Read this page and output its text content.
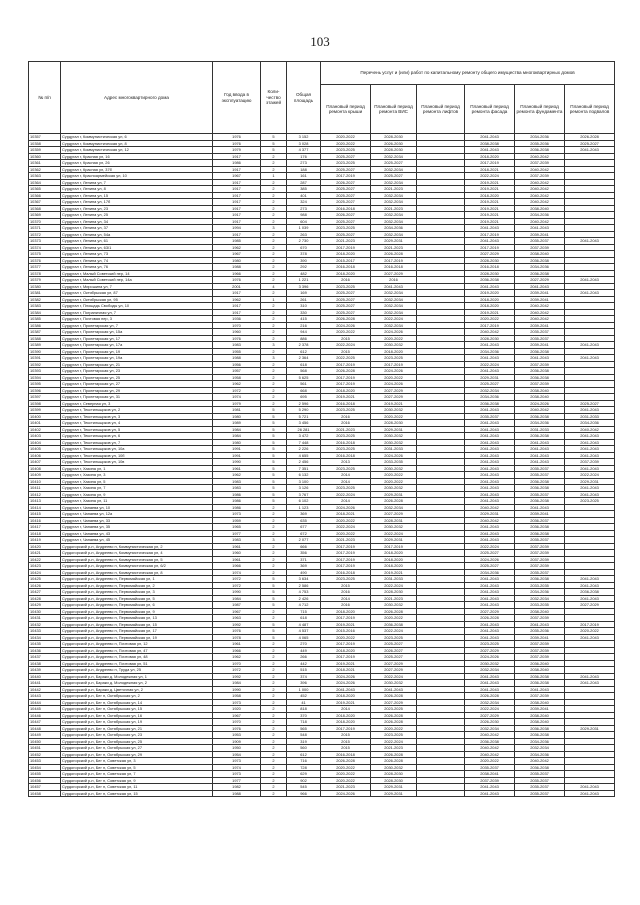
103
№ п/п	Адрес многоквартирного дома	Год ввода в эксплуатацию	Коли-чество этажей	Общая площадь	Перечень услуг и (или) работ по капитальному ремонту общего имущества многоквартирных домов					
					Плановый период ремонта крыши	Плановый период ремонта ВИС	Плановый период ремонта лифтов	Плановый период ремонта фасада	Плановый период ремонта фундамента	Плановый период ремонта подвалов
10357	Сурдугал г, Коммунистическая ул, 6	1976	5	3 152	2020-2022	2028-2030		2041-2043	2034-2036	2026-2028
10358	Сурдугал г, Коммунистическая ул, 8	1976	5	3 028	2020-2022	2026-2030		2038-2038	2035-2036	2025-2027
10359	Сурдугал г, Коммунистическая ул, 12	1979	5	4 377	2023-2025	2028-2030		2041-2043	2036-2038	2041-2043
10360	Сурдугал г, Красная ул, 16	1917	2	176	2025-2027	2032-2034		2018-2020	2040-2042	
10361	Сурдугал г, Красная ул, 26	1986	2	273	2023-2025	2025-2027		2017-2019	2037-2039	
10362	Сурдугал г, Красная ул, 37б	1917	2	188	2025-2027	2032-2034		2018-2021	2040-2042	
10363	Сурдугал г, Красноармейская ул, 10	1967	1	161	2017-2019	2025-2027		2022-2024	2037-2039	
10364	Сурдугал г, Ленина ул, 7	1917	2	287	2026-2027	2032-2034		2019-2021	2040-2042	
10365	Сурдугал г, Ленина ул, 8	1917	2	385	2025-2027	2021-2023		2019-2021	2040-2042	
10366	Сурдугал г, Ленина ул, 15	1917	2	401	2025-2027	2032-2034		2018-2020	2040-2042	
10367	Сурдугал г, Ленина ул, 17б	1917	2	324	2025-2027	2032-2034		2019-2021	2040-2042	
10368	Сурдугал г, Ленина ул, 23	1917	2	273	2016-2018	2021-2023		2019-2021	2038-2040	
10369	Сурдугал г, Ленина ул, 25	1917	2	988	2026-2027	2032-2034		2019-2021	2034-2036	
10370	Сурдугал г, Ленина ул, 34	1917	2	604	2025-2027	2032-2034		2019-2021	2040-2042	
10371	Сурдугал г, Ленина ул, 37	1994	3	1 039	2023-2025	2034-2036		2041-2043	2041-2043	
10372	Сурдугал г, Ленина ул, 54а	1917	2	263	2025-2027	2032-2034		2017-2019	2039-2041	
10373	Сурдугал г, Ленина ул, 61	1985	2	2 730	2021-2023	2029-2031		2041-2043	2035-2037	2041-2043
10374	Сурдугал г, Ленина ул, 63/1	1962	2	670	2017-2019	2021-2023		2017-2019	2037-2039	
10375	Сурдугал г, Ленина ул, 73	1967	2	378	2018-2020	2026-2028		2027-2029	2038-2040	
10376	Сурдугал г, Ленина ул, 74	1980	2	390	2015-2017	2017-2019		2028-2030	2036-2038	
10377	Сурдугал г, Ленина ул, 76	1988	2	292	2016-2018	2016-2018		2016-2018	2034-2036	
10378	Сурдугал г, Малый Советский пер, 14	1966	2	482	2018-2020	2027-2029		2028-2030	2036-2038	
10379	Сурдугал г, Малый Советский пер, 14а	1976	2	1 221	2016	2016		2036-2038	2027-2029	2041-2043
10380	Сурдугал г, Мирошина ул, 7	2001	4	3 396	2023-2025	2041-2043		2041-2043	2041-2043	
10381	Сурдугал г, Октябрьская ул, 87	1917	2	169	2025-2027	2032-2034		2019-2020	2039-2041	2041-2043
10382	Сурдугал г, Октябрьская ул, 95	1962	1	261	2025-2027	2032-2034		2018-2020	2039-2041	
10383	Сурдугал г, Площадь Свободы ул, 10	1917	2	310	2025-2027	2032-2034		2018-2020	2040-2042	
10384	Сурдугал г, Пограничная ул, 7	1917	2	330	2025-2027	2032-2034		2019-2021	2040-2042	
10385	Сурдугал г, Почтовая пер, 3	1936	2	415	2026-2028	2022-2024		2020-2022	2040-2042	
10386	Сурдугал г, Пролетарская ул, 7	1970	2	216	2024-2026	2032-2034		2017-2019	2039-2041	
10387	Сурдугал г, Пролетарская ул, 15а	1960	2	944	2020-2022	2024-2026		2040-2042	2035-2037	
10388	Сурдугал г, Пролетарская ул, 17	1976	2	886	2015	2020-2022		2028-2030	2035-2037	
10389	Сурдугал г, Пролетарская ул, 17а	1983	3	2 378	2022-2024	2030-2032		2041-2043	2039-2041	2041-2043
10390	Сурдугал г, Пролетарская ул, 19	1955	2	612	2015	2018-2020		2034-2036	2036-2038	
10391	Сурдугал г, Пролетарская ул, 19а	1988	3	2 364	2022-2025	2023-2025		2041-2043	2041-2043	2041-2043
10392	Сурдугал г, Пролетарская ул, 21	1956	2	618	2017-2019	2017-2019		2022-2024	2037-2039	
10393	Сурдугал г, Пролетарская ул, 23	1957	2	568	2026-2028	2024-2026		2041-2043	2036-2038	
10394	Сурдугал г, Пролетарская ул, 25	1958	2	5 625	2017-2019	2020-2022		2029-2031	2036-2038	
10395	Сурдугал г, Пролетарская ул, 27	1962	2	561	2017-2019	2024-2026		2025-2027	2037-2039	
10396	Сурдугал г, Пролетарская ул, 29	1972	2	668	2018-2020	2027-2029		2032-2034	2038-2040	
10397	Сурдугал г, Пролетарская ул, 31	1974	2	695	2019-2021	2027-2029		2034-2036	2038-2040	
10398	Сурдугал г, Северная ул, 3	1979	2	2 596	2016-2018	2019-2021		2036-2038	2024-2026	2025-2027
10399	Сурдугал г, Текстильщиков ул, 2	1981	5	5 290	2023-2025	2030-2032		2041-2043	2040-2042	2041-2043
10400	Сурдугал г, Текстильщиков ул, 3	1980	5	5 721	2016	2020-2022		2035-2037	2036-2038	2031-2033
10401	Сурдугал г, Текстильщиков ул, 4	1989	5	3 456	2016	2028-2030		2041-2043	2034-2036	2034-2036
10402	Сурдугал г, Текстильщиков ул, 5	1984	5	26 281	2021-2023	2029-2031		2041-2043	2031-2033	2040-2042
10403	Сурдугал г, Текстильщиков ул, 6	1984	5	3 472	2023-2025	2030-2032		2041-2043	2036-2038	2041-2043
10404	Сурдугал г, Текстильщиков ул, 7	1980	5	7 448	2016-2018	2030-2032		2041-2043	2041-2043	2041-2043
10405	Сурдугал г, Текстильщиков ул, 10а	1991	5	2 226	2023-2025	2031-2033		2041-2043	2041-2043	2041-2043
10406	Сурдугал г, Текстильщиков ул, 10б	1991	5	4 655	2016-2018	2024-2026		2041-2043	2041-2043	2041-2043
10407	Сурдугал г, Текстильщиков ул, 10в	1990	5	2 456	2013	2033-2035		2041-2043	2041-2043	2037-2039
10408	Сурдугал г, Хазина ул, 1	1961	5	7 351	2023-2025	2030-2032		2041-2043	2035-2037	2041-2043
10409	Сурдугал г, Хазина ул, 3	1962	5	6 132	2014	2020-2022		2041-2043	2035-2037	2022-2024
10410	Сурдугал г, Хазина ул, 5	1983	5	3 100	2014	2020-2022		2041-2043	2036-2038	2029-2031
10411	Сурдугал г, Хазина ул, 7	1983	5	3 126	2023-2025	2030-2032		2041-2043	2036-2038	2041-2043
10412	Сурдугал г, Хазина ул, 9	1986	5	3 767	2022-2024	2029-2031		2041-2043	2035-2037	2041-2043
10413	Сурдугал г, Хазина ул, 11	1986	5	6 102	2014	2026-2028		2041-2043	2036-2038	2023-2025
10414	Сурдугал г, Чапаева ул, 10	1986	2	1 123	2024-2026	2032-2034		2040-2042	2041-2043	
10415	Сурдугал г, Чапаева ул, 12а	1973	2	369	2018-2021	2027-2029		2029-2031	2039-2041	
10416	Сурдугал г, Чапаева ул, 33	1959	2	635	2020-2022	2028-2031		2040-2042	2036-2037	
10417	Сурдугал г, Чапаева ул, 35	1965	2	677	2022-2024	2030-2032		2041-2043	2036-2038	
10418	Сурдугал г, Чапаева ул, 43	1977	2	672	2020-2022	2022-2024		2041-2043	2036-2038	
10419	Сурдугал г, Чапаева ул, 45	1983	3	2 077	2021-2023	2029-2031		2041-2043	2035-2037	
10420	Сурдогорский р-н, Андреево п, Коммунистическая ул, 2	1961	2	666	2017-2019	2017-2019		2022-2024	2037-2039	
10421	Сурдогорский р-н, Андреево п, Коммунистическая ул, 4	1960	2	356	2017-2019	2018-2020		2025-2027	2037-2039	
10422	Сурдогорский р-н, Андреево п, Коммунистическая ул, 5	1961	2	371	2017-2019	2018-2020		2024-2026	2037-2039	
10423	Сурдогорский р-н, Андреево п, Коммунистическая ул, 6/2	1966	2	369	2017-2019	2018-2020		2025-2027	2037-2039	
10424	Сурдогорский р-н, Андреево п, Коммунистическая ул, 8	1974	2	490	2016-2018	2019-2021		2034-2036	2035-2037	
10425	Сурдогорский р-н, Андреево п, Первомайская ул, 1	1972	5	3 634	2023-2025	2031-2033		2041-2043	2036-2038	2041-2043
10426	Сурдогорский р-н, Андреево п, Первомайская ул, 2	1972	5	2 586	2015	2022-2024		2041-2043	2033-2035	2041-2043
10427	Сурдогорский р-н, Андреево п, Первомайская ул, 3	1990	5	4 753	2016	2028-2030		2041-2043	2034-2036	2036-2038
10428	Сурдогорский р-н, Андреево п, Первомайская ул, 5	1984	5	2 426	2014	2021-2023		2041-2043	2032-2034	2041-2043
10429	Сурдогорский р-н, Андреево п, Первомайская ул, 6	1987	5	4 712	2016	2030-2032		2041-2043	2033-2035	2027-2029
10430	Сурдогорский р-н, Андреево п, Первомайская ул, 9	1967	2	715	2018-2020	2026-2028		2027-2029	2038-2040	
10431	Сурдогорский р-н, Андреево п, Первомайская ул, 13	1963	2	618	2017-2019	2020-2022		2026-2028	2037-2039	
10432	Сурдогорский р-н, Андреево п, Первомайская ул, 15	1992	5	4 487	2019-2021	2036-2038		2041-2043	2041-2043	2017-2019
10433	Сурдогорский р-н, Андреево п, Первомайская ул, 17	1976	5	4 537	2015-2016	2022-2024		2041-2043	2035-2036	2020-2022
10434	Сурдогорский р-н, Андреево п, Первомайская ул, 19	1978	5	4 065	2020-2022	2023-2025		2041-2043	2039-2041	2041-2043
10435	Сурдогорский р-н, Андреево п, Почтовая ул, 12	1961	2	270	2017-2019	2025-2027		2023-2025	2037-2039	
10436	Сурдогорский р-н, Андреево п, Почтовая ул, 47	1966	2	449	2018-2020	2026-2027		2027-2029	2037-2039	
10437	Сурдогорский р-н, Андреево п, Почтовая ул, 48	1962	2	266	2017-2019	2025-2027		2024-2026	2037-2039	
10438	Сурдогорский р-н, Андреево п, Почтовая ул, 51	1970	2	442	2019-2021	2027-2029		2030-2032	2036-2040	
10439	Сурдогорский р-н, Андреево п, Труда ул, 25	1972	2	515	2018-2021	2027-2029		2032-2034	2038-2040	
10440	Сурдогорский р-н, Бараки д, Молодежная ул, 1	1992	2	374	2024-2026	2022-2024		2041-2043	2036-2038	2041-2043
10441	Сурдогорский р-н, Бараки д, Молодежная ул, 2	1984	2	396	2024-2026	2030-2032		2041-2043	2036-2038	2041-2043
10442	Сурдогорский р-н, Бараки д, Цветочная ул, 2	1990	2	1 000	2041-2043	2041-2043		2041-2043	2041-2043	
10443	Сурдогорский р-н, Бег п, Октябрьская ул, 2	1958	2	452	2018-2020	2026-2028		2026-2028	2037-2039	
10444	Сурдогорский р-н, Бег п, Октябрьская ул, 14	1973	2	41	2019-2021	2027-2029		2032-2034	2038-2040	
10445	Сурдогорский р-н, Бег п, Октябрьская ул, 15	1920	2	818	2014	2023-2025		2022-2024	2039-2041	
10446	Сурдогорский р-н, Бег п, Октябрьская ул, 16	1967	2	370	2018-2020	2026-2028		2027-2029	2038-2040	
10447	Сурдогорский р-н, Бег п, Октябрьская ул, 19	1970	2	718	2018-2020	2026-2028		2026-2030	2038-2040	
10448	Сурдогорский р-н, Бег п, Октябрьская ул, 21	1976	2	565	2017-2019	2020-2022		2032-2034	2036-2038	2029-2031
10449	Сурдогорский р-н, Бег п, Октябрьская ул, 23	1953	2	548	2015	2023-2025		2040-2042	2036-2038	
10450	Сурдогорский р-н, Бег п, Октябрьская ул, 25	1909	2	319	2015	2022-2024		2036-2038	2034-2036	
10451	Сурдогорский р-н, Бег п, Октябрьская ул, 27	1950	2	560	2015	2021-2023		2040-2042	2032-2034	
10452	Сурдогорский р-н, Бег п, Октябрьская ул, 29	1954	2	612	2016-2018	2026-2028		2040-2042	2034-2036	
10453	Сурдогорский р-н, Бег п, Советская ул, 3	1973	2	716	2026-2028	2026-2028		2020-2022	2040-2042	
10454	Сурдогорский р-н, Бег п, Советская ул, 5	1974	2	728	2020-2022	2030-2032		2035-2037	2036-2038	
10455	Сурдогорский р-н, Бег п, Советская ул, 7	1973	2	629	2020-2022	2028-2030		2038-2041	2035-2037	
10456	Сурдогорский р-н, Бег п, Советская ул, 9	1977	2	902	2020-2022	2028-2030		2037-2039	2035-2037	
10457	Сурдогорский р-н, Бег п, Советская ул, 11	1982	2	545	2021-2023	2029-2031		2041-2043	2035-2037	2041-2043
10458	Сурдогорский р-н, Бег п, Советская ул, 15	1988	2	966	2024-2026	2029-2031		2041-2043	2035-2037	2041-2043
